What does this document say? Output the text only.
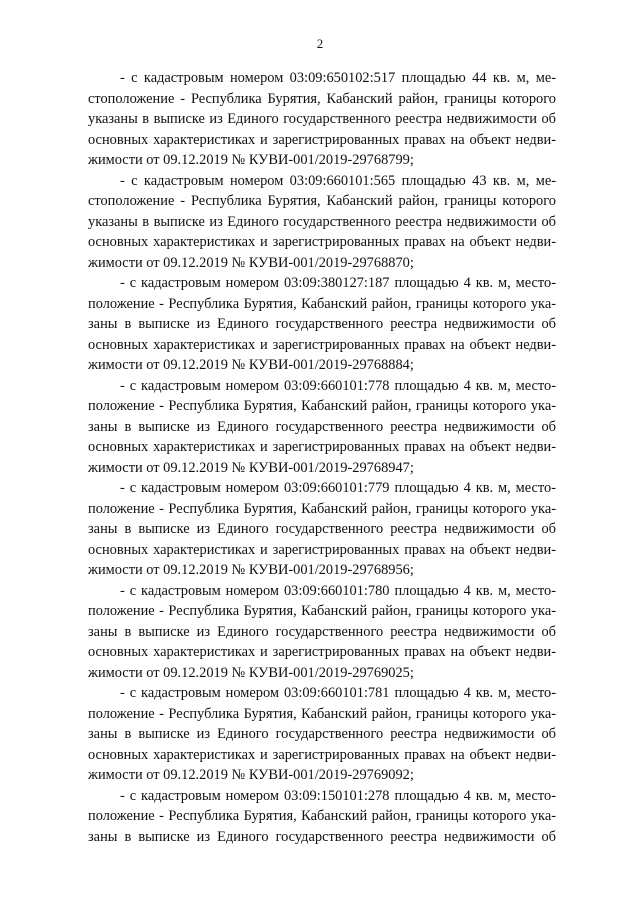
2
- с кадастровым номером 03:09:650102:517 площадью 44 кв. м, ме-
стоположение - Республика Бурятия, Кабанский район, границы которого
указаны в выписке из Единого государственного реестра недвижимости об
основных характеристиках и зарегистрированных правах на объект недви-
жимости от 09.12.2019 № КУВИ-001/2019-29768799;
- с кадастровым номером 03:09:660101:565 площадью 43 кв. м, ме-
стоположение - Республика Бурятия, Кабанский район, границы которого
указаны в выписке из Единого государственного реестра недвижимости об
основных характеристиках и зарегистрированных правах на объект недви-
жимости от 09.12.2019 № КУВИ-001/2019-29768870;
- с кадастровым номером 03:09:380127:187 площадью 4 кв. м, место-
положение - Республика Бурятия, Кабанский район, границы которого ука-
заны в выписке из Единого государственного реестра недвижимости об
основных характеристиках и зарегистрированных правах на объект недви-
жимости от 09.12.2019 № КУВИ-001/2019-29768884;
- с кадастровым номером 03:09:660101:778 площадью 4 кв. м, место-
положение - Республика Бурятия, Кабанский район, границы которого ука-
заны в выписке из Единого государственного реестра недвижимости об
основных характеристиках и зарегистрированных правах на объект недви-
жимости от 09.12.2019 № КУВИ-001/2019-29768947;
- с кадастровым номером 03:09:660101:779 площадью 4 кв. м, место-
положение - Республика Бурятия, Кабанский район, границы которого ука-
заны в выписке из Единого государственного реестра недвижимости об
основных характеристиках и зарегистрированных правах на объект недви-
жимости от 09.12.2019 № КУВИ-001/2019-29768956;
- с кадастровым номером 03:09:660101:780 площадью 4 кв. м, место-
положение - Республика Бурятия, Кабанский район, границы которого ука-
заны в выписке из Единого государственного реестра недвижимости об
основных характеристиках и зарегистрированных правах на объект недви-
жимости от 09.12.2019 № КУВИ-001/2019-29769025;
- с кадастровым номером 03:09:660101:781 площадью 4 кв. м, место-
положение - Республика Бурятия, Кабанский район, границы которого ука-
заны в выписке из Единого государственного реестра недвижимости об
основных характеристиках и зарегистрированных правах на объект недви-
жимости от 09.12.2019 № КУВИ-001/2019-29769092;
- с кадастровым номером 03:09:150101:278 площадью 4 кв. м, место-
положение - Республика Бурятия, Кабанский район, границы которого ука-
заны в выписке из Единого государственного реестра недвижимости об
